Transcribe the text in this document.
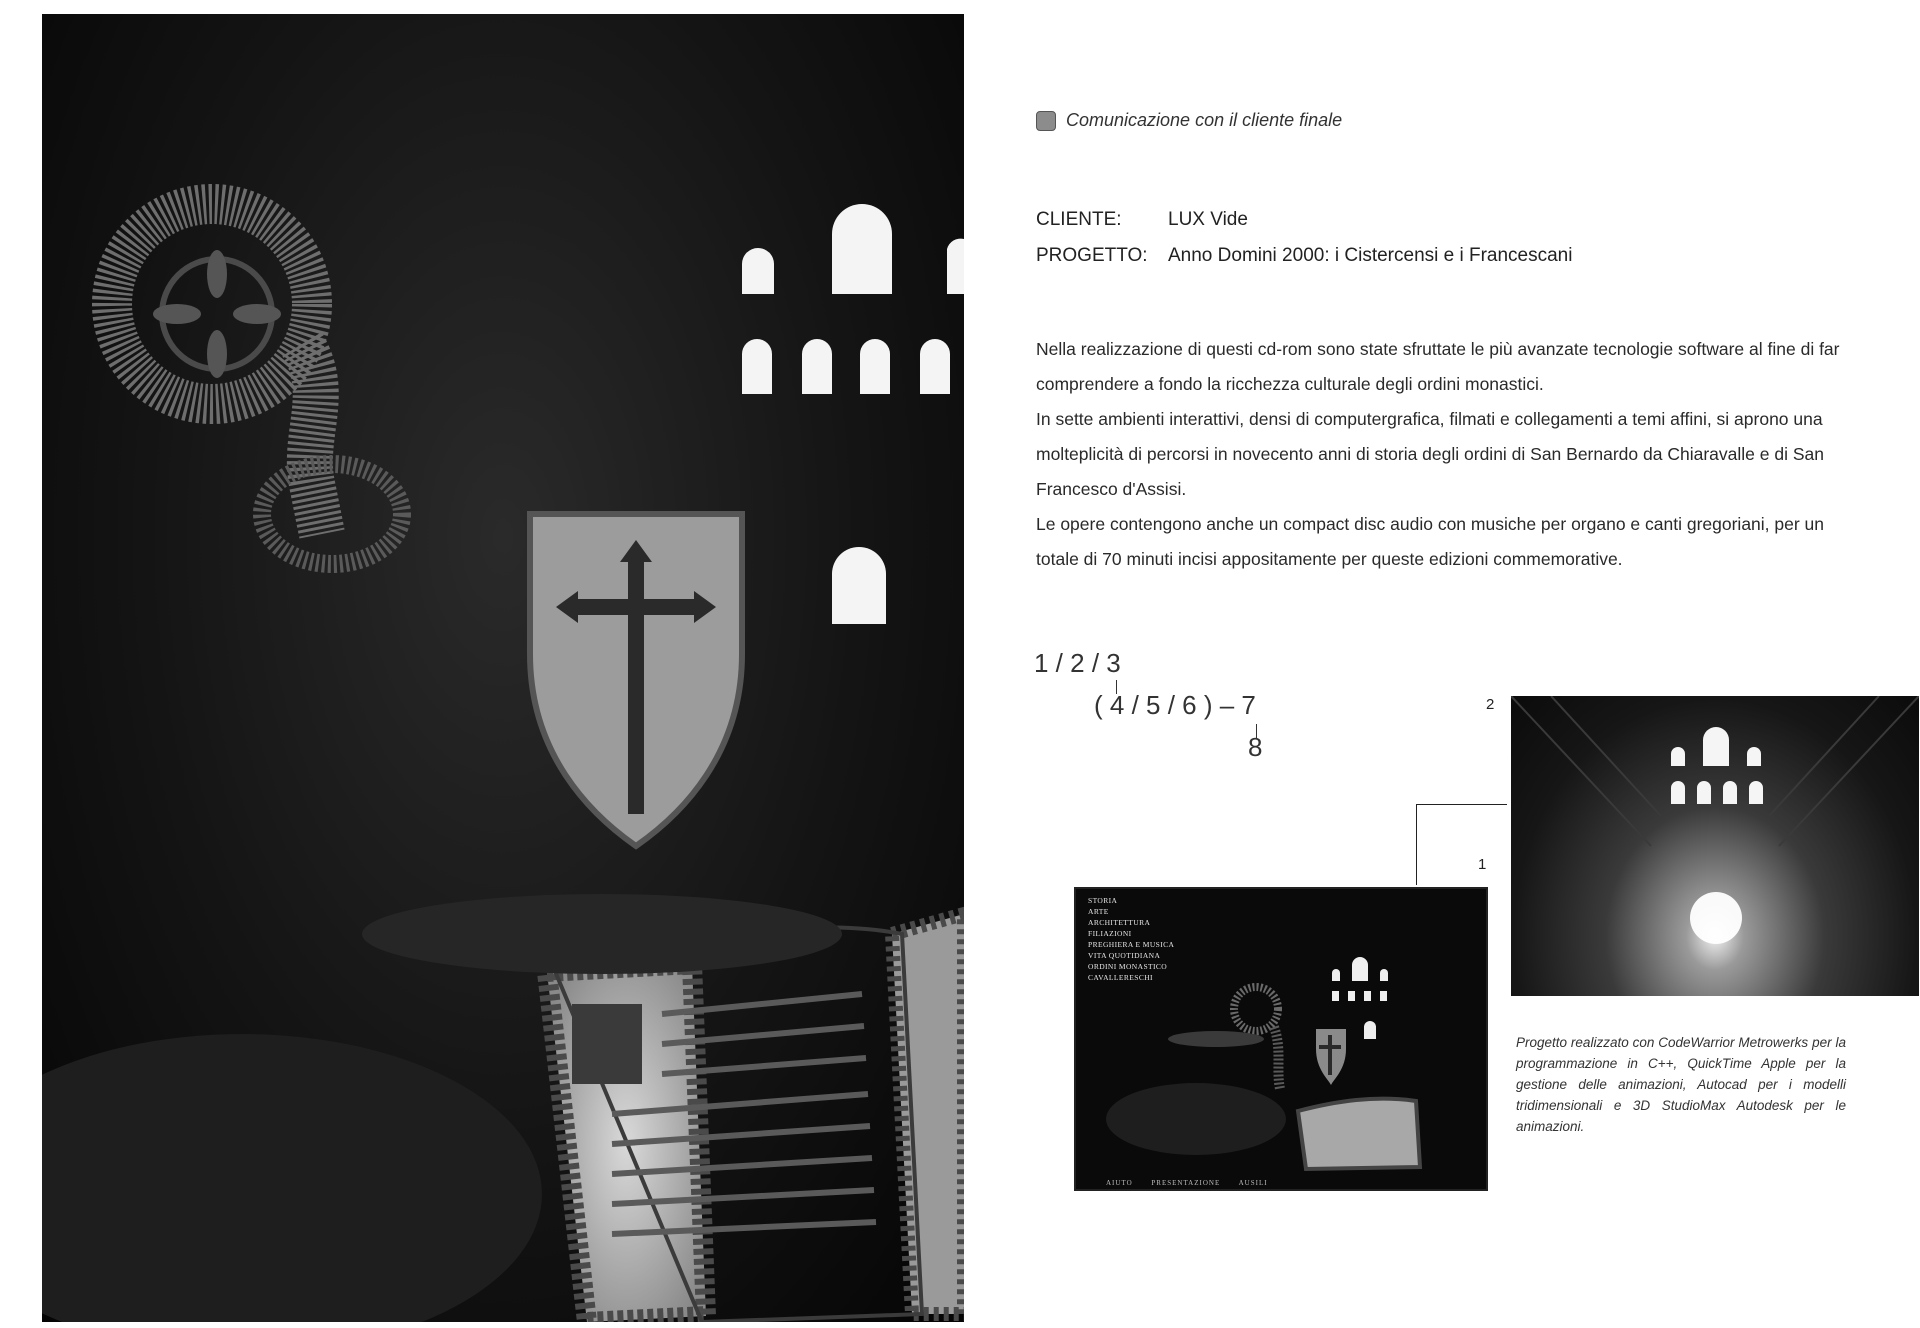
Comunicazione con il cliente finale
CLIENTE:	LUX Vide
PROGETTO:	Anno Domini 2000: i Cistercensi e i Francescani

Nella realizzazione di questi cd-rom sono state sfruttate le più avanzate tecnologie software al fine di far comprendere a fondo la ricchezza culturale degli ordini monastici.

In sette ambienti interattivi, densi di computergrafica, filmati e collegamenti a temi affini, si aprono una molteplicità di percorsi in novecento anni di storia degli ordini di San Bernardo da Chiaravalle e di San Francesco d'Assisi.

Le opere contengono anche un compact disc audio con musiche per organo e canti gregoriani, per un totale di 70 minuti incisi appositamente per queste edizioni commemorative.

1 / 2 / 3
( 4 / 5 / 6 ) – 7
8
2
1
STORIA
ARTE
ARCHITETTURA
FILIAZIONI
PREGHIERA E MUSICA
VITA QUOTIDIANA
ORDINI MONASTICO
CAVALLERESCHI
AIUTO	PRESENTAZIONE	AUSILI
Progetto realizzato con CodeWarrior Metrowerks per la programmazione in C++, QuickTime Apple per la gestione delle animazioni, Autocad per i modelli tridimensionali e 3D StudioMax Autodesk per le animazioni.
